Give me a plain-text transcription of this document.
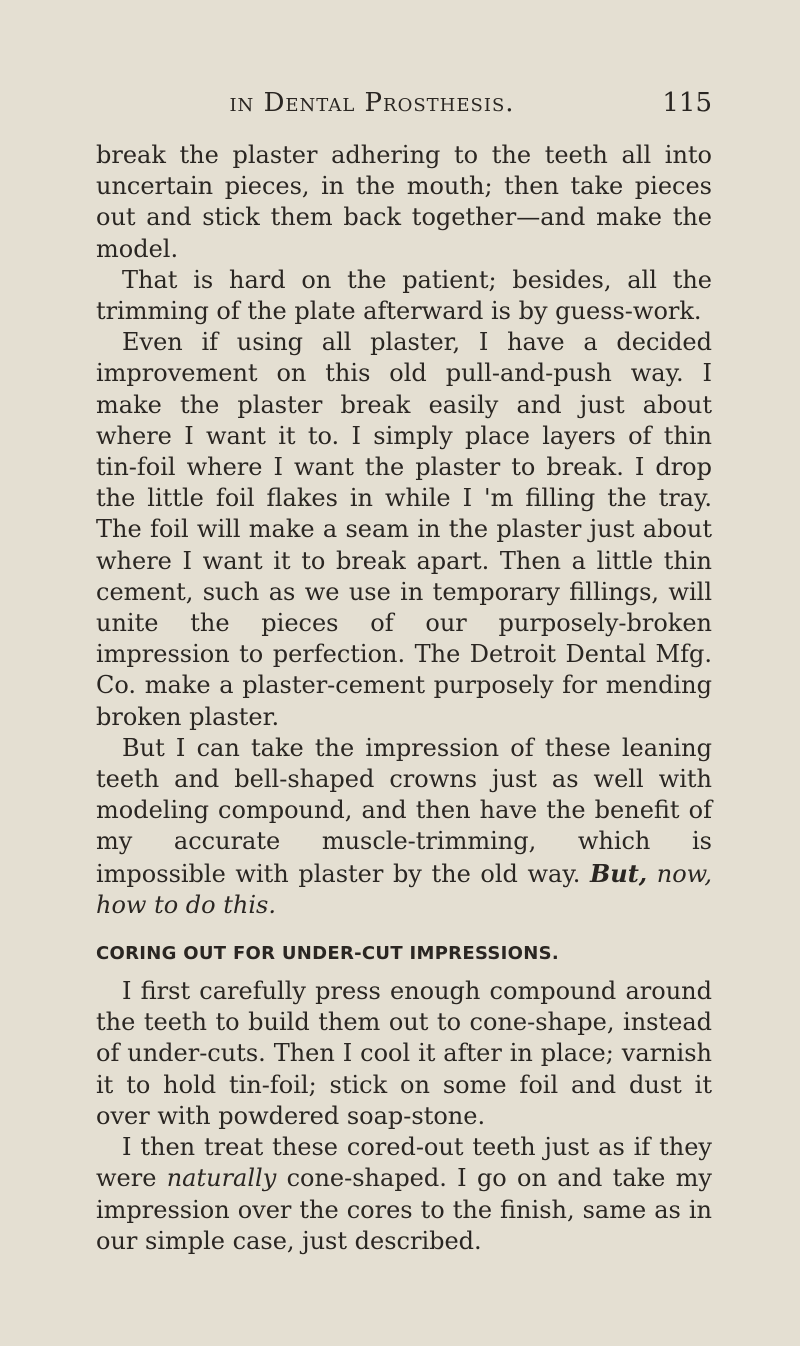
in Dental Prosthesis.	115

break the plaster adhering to the teeth all into uncertain pieces, in the mouth; then take pieces out and stick them back together—and make the model.

That is hard on the patient; besides, all the trimming of the plate afterward is by guess-work.

Even if using all plaster, I have a decided improvement on this old pull-and-push way. I make the plaster break easily and just about where I want it to. I simply place layers of thin tin-foil where I want the plaster to break. I drop the little foil flakes in while I 'm filling the tray. The foil will make a seam in the plaster just about where I want it to break apart. Then a little thin cement, such as we use in temporary fillings, will unite the pieces of our purposely-broken impression to perfection. The Detroit Dental Mfg. Co. make a plaster-cement purposely for mending broken plaster.

But I can take the impression of these leaning teeth and bell-shaped crowns just as well with modeling compound, and then have the benefit of my accurate muscle-trimming, which is impossible with plaster by the old way. But, now, how to do this.

CORING OUT FOR UNDER-CUT IMPRESSIONS.

I first carefully press enough compound around the teeth to build them out to cone-shape, instead of under-cuts. Then I cool it after in place; varnish it to hold tin-foil; stick on some foil and dust it over with powdered soap-stone.

I then treat these cored-out teeth just as if they were naturally cone-shaped. I go on and take my impression over the cores to the finish, same as in our simple case, just described.
